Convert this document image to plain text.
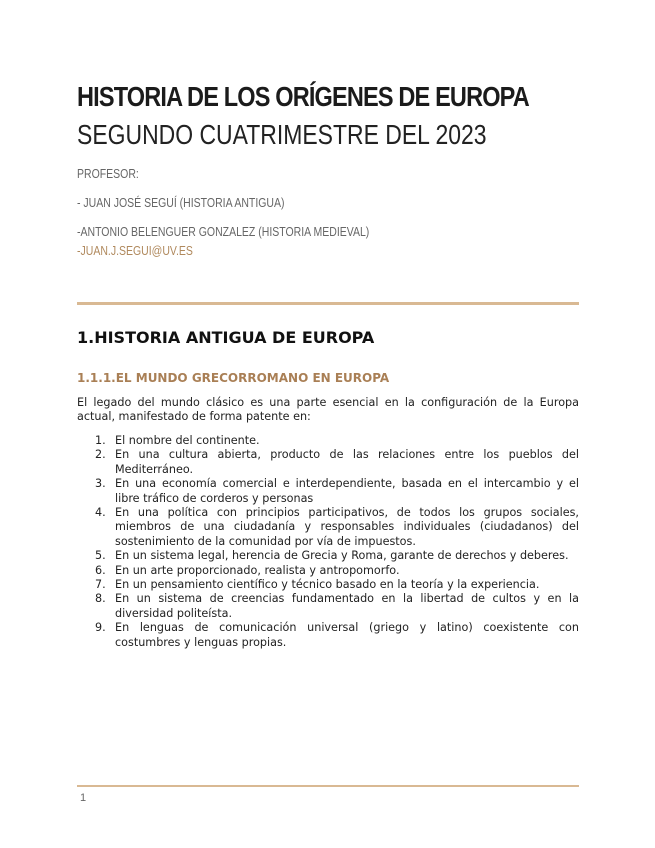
HISTORIA DE LOS ORÍGENES DE EUROPA
SEGUNDO CUATRIMESTRE DEL 2023

PROFESOR:

- JUAN JOSÉ SEGUÍ (HISTORIA ANTIGUA)

-ANTONIO BELENGUER GONZALEZ (HISTORIA MEDIEVAL)

-JUAN.J.SEGUI@UV.ES

1.HISTORIA ANTIGUA DE EUROPA
1.1.1.EL MUNDO GRECORROMANO EN EUROPA

El legado del mundo clásico es una parte esencial en la configuración de la Europa actual, manifestado de forma patente en:

1. El nombre del continente.
2. En una cultura abierta, producto de las relaciones entre los pueblos del Mediterráneo.
3. En una economía comercial e interdependiente, basada en el intercambio y el libre tráfico de corderos y personas
4. En una política con principios participativos, de todos los grupos sociales, miembros de una ciudadanía y responsables individuales (ciudadanos) del sostenimiento de la comunidad por vía de impuestos.
5. En un sistema legal, herencia de Grecia y Roma, garante de derechos y deberes.
6. En un arte proporcionado, realista y antropomorfo.
7. En un pensamiento científico y técnico basado en la teoría y la experiencia.
8. En un sistema de creencias fundamentado en la libertad de cultos y en la diversidad politeísta.
9. En lenguas de comunicación universal (griego y latino) coexistente con costumbres y lenguas propias.

1
